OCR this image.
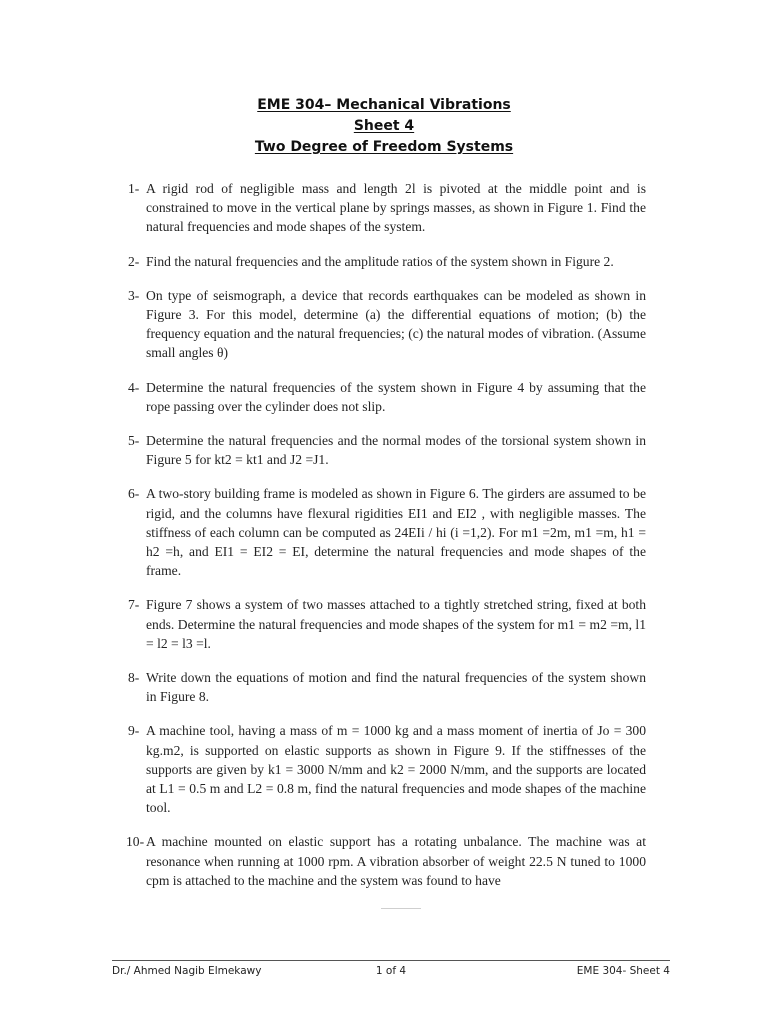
EME 304– Mechanical Vibrations
Sheet 4
Two Degree of Freedom Systems
1- A rigid rod of negligible mass and length 2l is pivoted at the middle point and is constrained to move in the vertical plane by springs masses, as shown in Figure 1. Find the natural frequencies and mode shapes of the system.
2- Find the natural frequencies and the amplitude ratios of the system shown in Figure 2.
3- On type of seismograph, a device that records earthquakes can be modeled as shown in Figure 3. For this model, determine (a) the differential equations of motion; (b) the frequency equation and the natural frequencies; (c) the natural modes of vibration. (Assume small angles θ)
4- Determine the natural frequencies of the system shown in Figure 4 by assuming that the rope passing over the cylinder does not slip.
5- Determine the natural frequencies and the normal modes of the torsional system shown in Figure 5 for kt2 = kt1 and J2 =J1.
6- A two-story building frame is modeled as shown in Figure 6. The girders are assumed to be rigid, and the columns have flexural rigidities EI1 and EI2 , with negligible masses. The stiffness of each column can be computed as 24EIi / hi (i =1,2). For m1 =2m, m1 =m, h1 = h2 =h, and EI1 = EI2 = EI, determine the natural frequencies and mode shapes of the frame.
7- Figure 7 shows a system of two masses attached to a tightly stretched string, fixed at both ends. Determine the natural frequencies and mode shapes of the system for m1 = m2 =m, l1 = l2 = l3 =l.
8- Write down the equations of motion and find the natural frequencies of the system shown in Figure 8.
9- A machine tool, having a mass of m = 1000 kg and a mass moment of inertia of Jo = 300 kg.m2, is supported on elastic supports as shown in Figure 9. If the stiffnesses of the supports are given by k1 = 3000 N/mm and k2 = 2000 N/mm, and the supports are located at L1 = 0.5 m and L2 = 0.8 m, find the natural frequencies and mode shapes of the machine tool.
10- A machine mounted on elastic support has a rotating unbalance. The machine was at resonance when running at 1000 rpm. A vibration absorber of weight 22.5 N tuned to 1000 cpm is attached to the machine and the system was found to have
Dr./ Ahmed Nagib Elmekawy	1 of 4	EME 304- Sheet 4
